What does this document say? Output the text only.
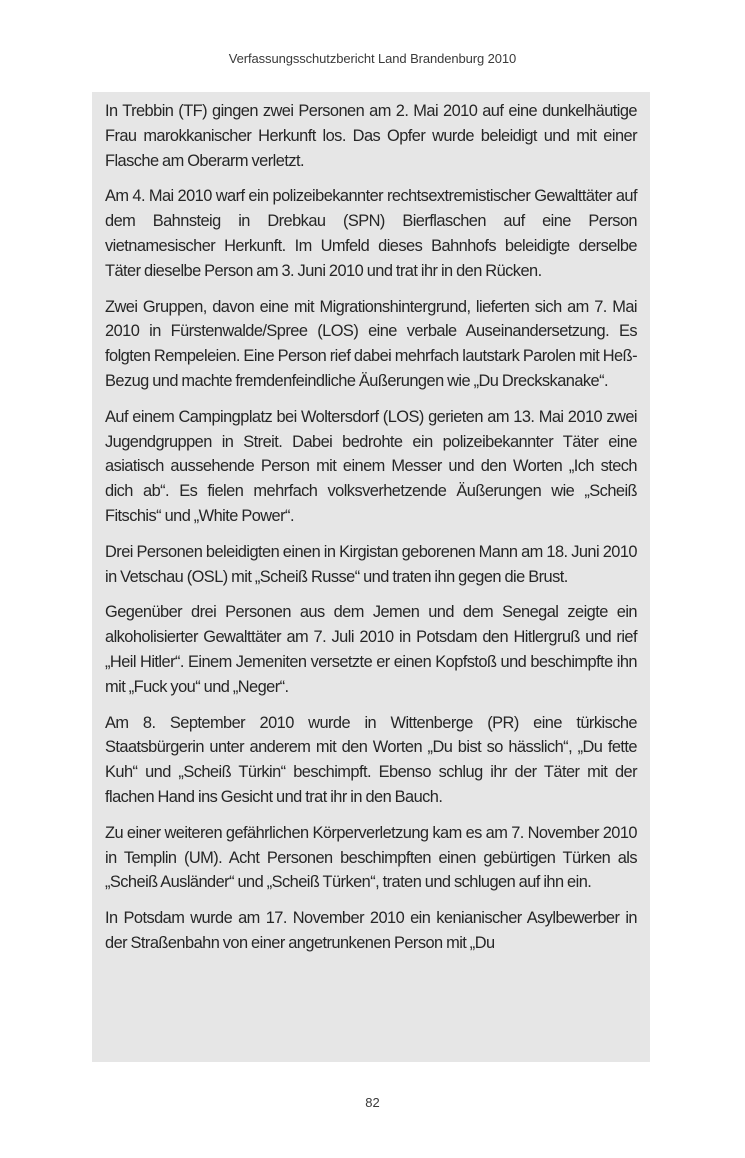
Verfassungsschutzbericht Land Brandenburg 2010

In Trebbin (TF) gingen zwei Personen am 2. Mai 2010 auf eine dunkelhäutige Frau marokkanischer Herkunft los. Das Opfer wurde beleidigt und mit einer Flasche am Oberarm verletzt.

Am 4. Mai 2010 warf ein polizeibekannter rechtsextremistischer Gewalttäter auf dem Bahnsteig in Drebkau (SPN) Bierflaschen auf eine Person vietnamesischer Herkunft. Im Umfeld dieses Bahnhofs beleidigte derselbe Täter dieselbe Person am 3. Juni 2010 und trat ihr in den Rücken.

Zwei Gruppen, davon eine mit Migrationshintergrund, lieferten sich am 7. Mai 2010 in Fürstenwalde/Spree (LOS) eine verbale Auseinandersetzung. Es folgten Rempeleien. Eine Person rief dabei mehrfach lautstark Parolen mit Heß-Bezug und machte fremdenfeindliche Äußerungen wie „Du Dreckskanake“.

Auf einem Campingplatz bei Woltersdorf (LOS) gerieten am 13. Mai 2010 zwei Jugendgruppen in Streit. Dabei bedrohte ein polizeibekannter Täter eine asiatisch aussehende Person mit einem Messer und den Worten „Ich stech dich ab“. Es fielen mehrfach volksverhetzende Äußerungen wie „Scheiß Fitschis“ und „White Power“.

Drei Personen beleidigten einen in Kirgistan geborenen Mann am 18. Juni 2010 in Vetschau (OSL) mit „Scheiß Russe“ und traten ihn gegen die Brust.

Gegenüber drei Personen aus dem Jemen und dem Senegal zeigte ein alkoholisierter Gewalttäter am 7. Juli 2010 in Potsdam den Hitlergruß und rief „Heil Hitler“. Einem Jemeniten versetzte er einen Kopfstoß und beschimpfte ihn mit „Fuck you“ und „Neger“.

Am 8. September 2010 wurde in Wittenberge (PR) eine türkische Staatsbürgerin unter anderem mit den Worten „Du bist so hässlich“, „Du fette Kuh“ und „Scheiß Türkin“ beschimpft. Ebenso schlug ihr der Täter mit der flachen Hand ins Gesicht und trat ihr in den Bauch.

Zu einer weiteren gefährlichen Körperverletzung kam es am 7. November 2010 in Templin (UM). Acht Personen beschimpften einen gebürtigen Türken als „Scheiß Ausländer“ und „Scheiß Türken“, traten und schlugen auf ihn ein.

In Potsdam wurde am 17. November 2010 ein kenianischer Asylbewerber in der Straßenbahn von einer angetrunkenen Person mit „Du

82
